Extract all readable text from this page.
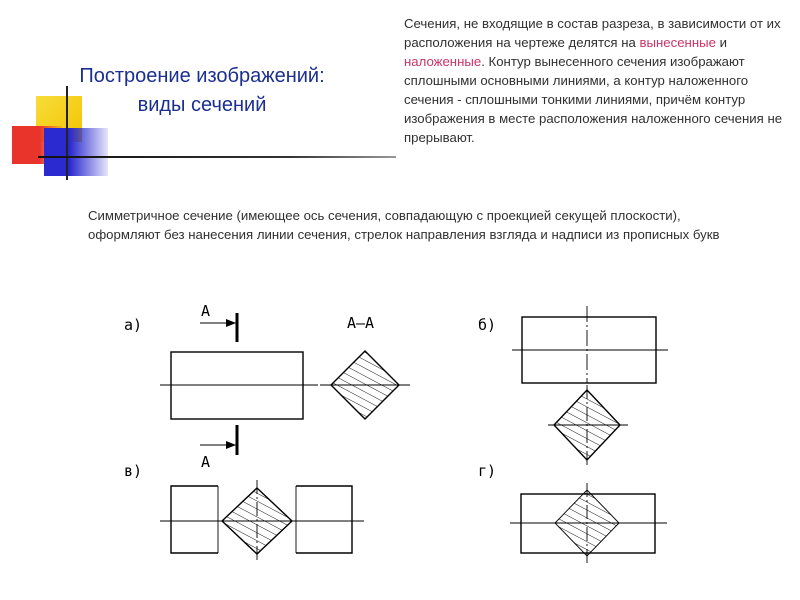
Построение изображений:
виды сечений
Сечения, не входящие в состав разреза, в зависимости от их расположения на чертеже делятся на вынесенные и наложенные. Контур вынесенного сечения изображают сплошными основными линиями, а контур наложенного сечения - сплошными тонкими линиями, причём контур изображения в месте расположения наложенного сечения не прерывают.
Симметричное сечение (имеющее ось сечения, совпадающую с проекцией секущей плоскости), оформляют без нанесения линии сечения, стрелок направления взгляда и надписи из прописных букв
а)
А
А
А–А	б)
в)	г)
